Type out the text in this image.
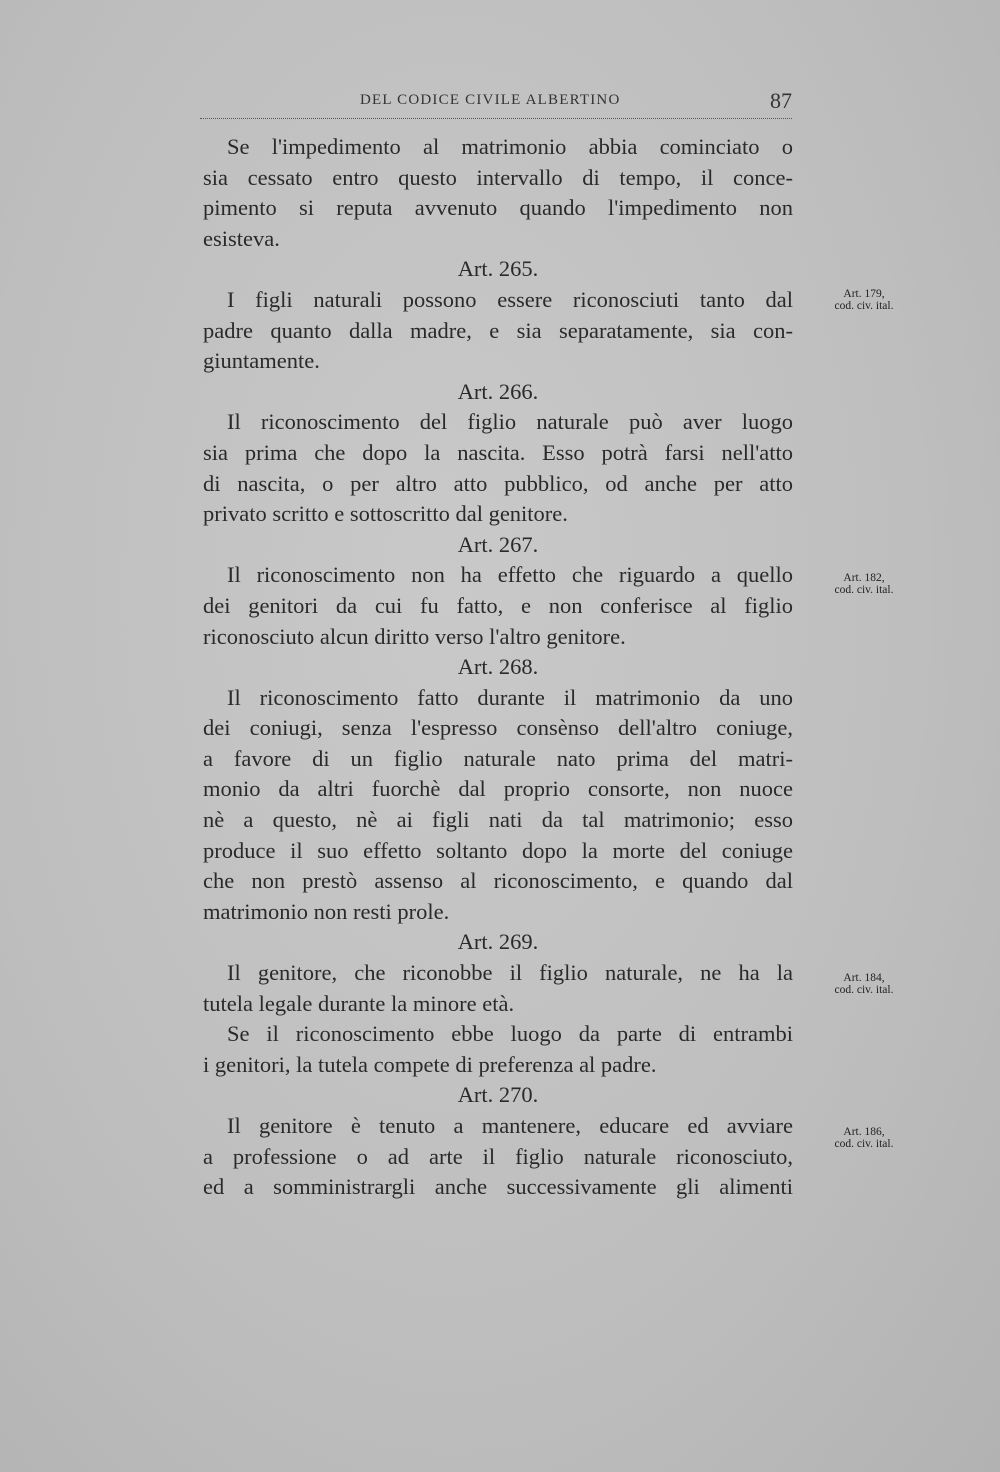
DEL CODICE CIVILE ALBERTINO	87
Se l'impedimento al matrimonio abbia cominciato o
sia cessato entro questo intervallo di tempo, il conce-
pimento si reputa avvenuto quando l'impedimento non
esisteva.
Art. 265.
I figli naturali possono essere riconosciuti tanto dal
padre quanto dalla madre, e sia separatamente, sia con-
giuntamente.
Art. 266.
Il riconoscimento del figlio naturale può aver luogo
sia prima che dopo la nascita. Esso potrà farsi nell'atto
di nascita, o per altro atto pubblico, od anche per atto
privato scritto e sottoscritto dal genitore.
Art. 267.
Il riconoscimento non ha effetto che riguardo a quello
dei genitori da cui fu fatto, e non conferisce al figlio
riconosciuto alcun diritto verso l'altro genitore.
Art. 268.
Il riconoscimento fatto durante il matrimonio da uno
dei coniugi, senza l'espresso consènso dell'altro coniuge,
a favore di un figlio naturale nato prima del matri-
monio da altri fuorchè dal proprio consorte, non nuoce
nè a questo, nè ai figli nati da tal matrimonio; esso
produce il suo effetto soltanto dopo la morte del coniuge
che non prestò assenso al riconoscimento, e quando dal
matrimonio non resti prole.
Art. 269.
Il genitore, che riconobbe il figlio naturale, ne ha la
tutela legale durante la minore età.
Se il riconoscimento ebbe luogo da parte di entrambi
i genitori, la tutela compete di preferenza al padre.
Art. 270.
Il genitore è tenuto a mantenere, educare ed avviare
a professione o ad arte il figlio naturale riconosciuto,
ed a somministrargli anche successivamente gli alimenti
Art. 179,
cod. civ. ital.
Art. 182,
cod. civ. ital.
Art. 184,
cod. civ. ital.
Art. 186,
cod. civ. ital.
